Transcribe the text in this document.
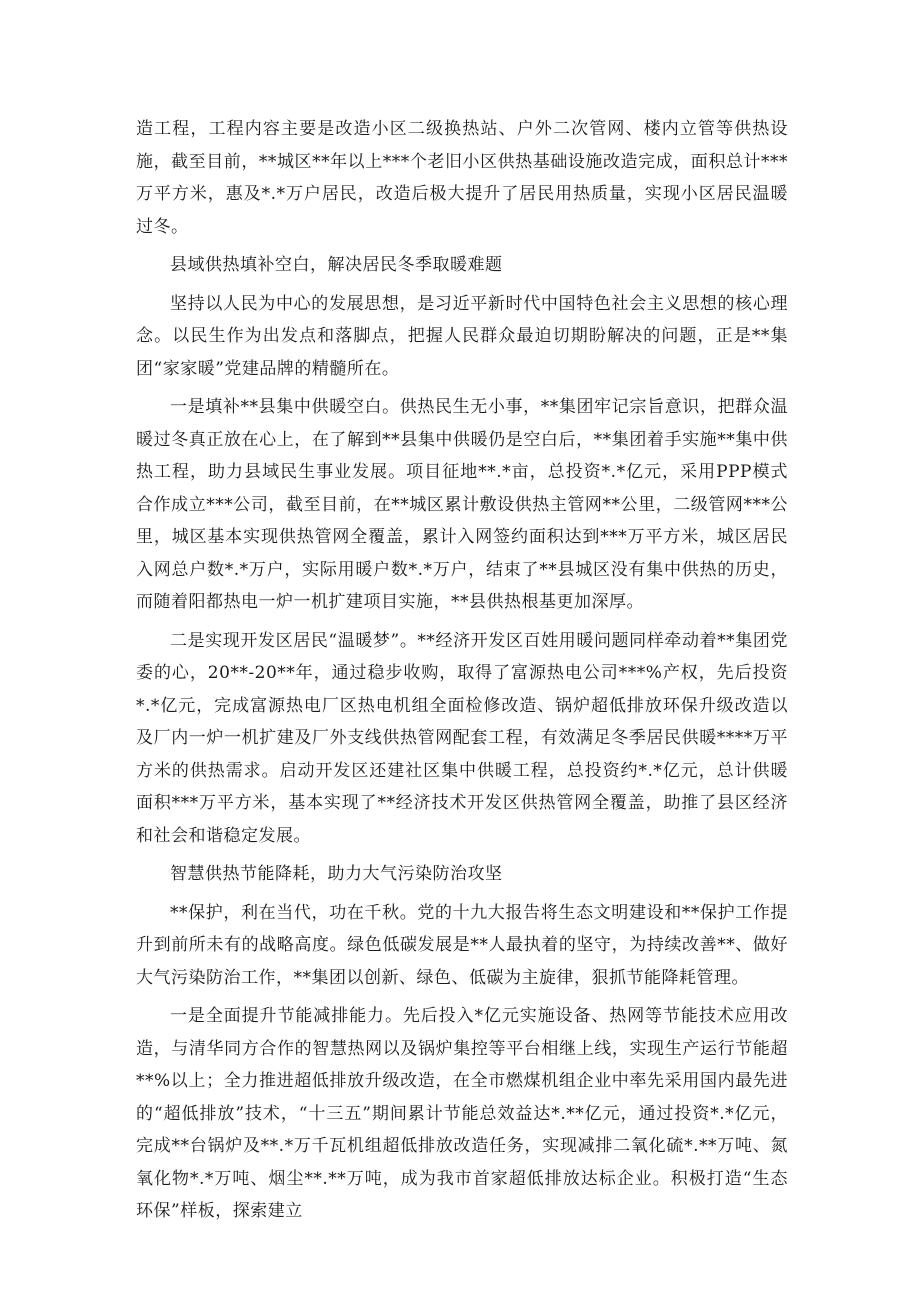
造工程，工程内容主要是改造小区二级换热站、户外二次管网、楼内立管等供热设施，截至目前，**城区**年以上***个老旧小区供热基础设施改造完成，面积总计***万平方米，惠及*.*万户居民，改造后极大提升了居民用热质量，实现小区居民温暖过冬。

县域供热填补空白，解决居民冬季取暖难题

坚持以人民为中心的发展思想，是习近平新时代中国特色社会主义思想的核心理念。以民生作为出发点和落脚点，把握人民群众最迫切期盼解决的问题，正是**集团“家家暖”党建品牌的精髓所在。

一是填补**县集中供暖空白。供热民生无小事，**集团牢记宗旨意识，把群众温暖过冬真正放在心上，在了解到**县集中供暖仍是空白后，**集团着手实施**集中供热工程，助力县域民生事业发展。项目征地**.*亩，总投资*.*亿元，采用PPP模式合作成立***公司，截至目前，在**城区累计敷设供热主管网**公里，二级管网***公里，城区基本实现供热管网全覆盖，累计入网签约面积达到***万平方米，城区居民入网总户数*.*万户，实际用暖户数*.*万户，结束了**县城区没有集中供热的历史，而随着阳都热电一炉一机扩建项目实施，**县供热根基更加深厚。

二是实现开发区居民“温暖梦”。**经济开发区百姓用暖问题同样牵动着**集团党委的心，20**-20**年，通过稳步收购，取得了富源热电公司***%产权，先后投资*.*亿元，完成富源热电厂区热电机组全面检修改造、锅炉超低排放环保升级改造以及厂内一炉一机扩建及厂外支线供热管网配套工程，有效满足冬季居民供暖****万平方米的供热需求。启动开发区还建社区集中供暖工程，总投资约*.*亿元，总计供暖面积***万平方米，基本实现了**经济技术开发区供热管网全覆盖，助推了县区经济和社会和谐稳定发展。

智慧供热节能降耗，助力大气污染防治攻坚

**保护，利在当代，功在千秋。党的十九大报告将生态文明建设和**保护工作提升到前所未有的战略高度。绿色低碳发展是**人最执着的坚守，为持续改善**、做好大气污染防治工作，**集团以创新、绿色、低碳为主旋律，狠抓节能降耗管理。

一是全面提升节能减排能力。先后投入*亿元实施设备、热网等节能技术应用改造，与清华同方合作的智慧热网以及锅炉集控等平台相继上线，实现生产运行节能超**%以上；全力推进超低排放升级改造，在全市燃煤机组企业中率先采用国内最先进的“超低排放”技术，“十三五”期间累计节能总效益达*.**亿元，通过投资*.*亿元，完成**台锅炉及**.*万千瓦机组超低排放改造任务，实现减排二氧化硫*.**万吨、氮氧化物*.*万吨、烟尘**.**万吨，成为我市首家超低排放达标企业。积极打造“生态环保”样板，探索建立
